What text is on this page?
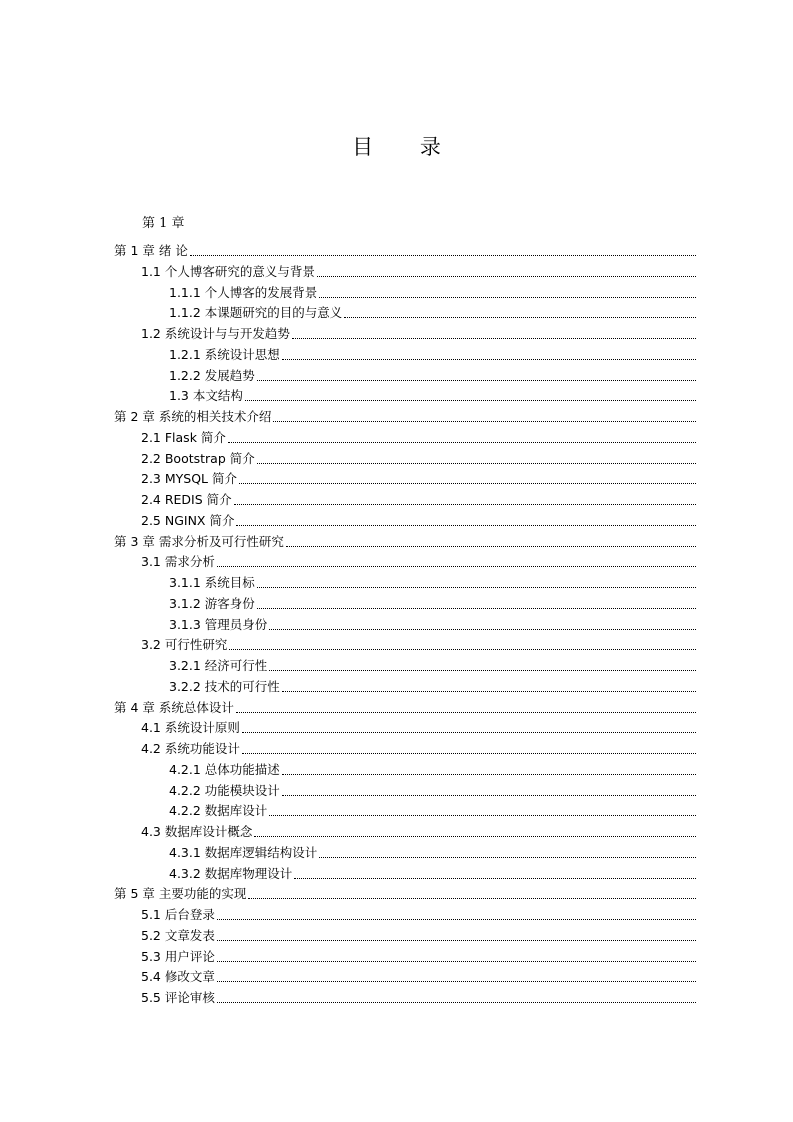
目 录
第 1 章
第 1 章 绪 论
1.1 个人博客研究的意义与背景
1.1.1 个人博客的发展背景
1.1.2 本课题研究的目的与意义
1.2 系统设计与与开发趋势
1.2.1 系统设计思想
1.2.2 发展趋势
1.3 本文结构
第 2 章 系统的相关技术介绍
2.1 Flask 简介
2.2 Bootstrap 简介
2.3 MYSQL 简介
2.4 REDIS 简介
2.5 NGINX 简介
第 3 章 需求分析及可行性研究
3.1 需求分析
3.1.1 系统目标
3.1.2 游客身份
3.1.3 管理员身份
3.2 可行性研究
3.2.1 经济可行性
3.2.2 技术的可行性
第 4 章 系统总体设计
4.1 系统设计原则
4.2 系统功能设计
4.2.1 总体功能描述
4.2.2 功能模块设计
4.2.2 数据库设计
4.3 数据库设计概念
4.3.1 数据库逻辑结构设计
4.3.2 数据库物理设计
第 5 章 主要功能的实现
5.1 后台登录
5.2 文章发表
5.3 用户评论
5.4 修改文章
5.5 评论审核
